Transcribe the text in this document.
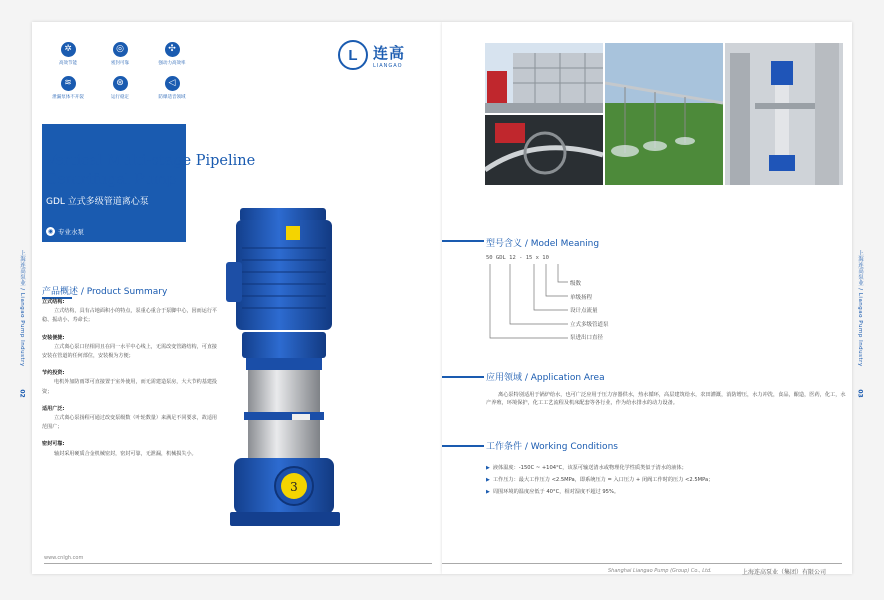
✲
高效节能
◎
密封可靠
✣
强动力高效率
≋
泄漏泵体不开裂
⊛
运行稳定
◁
防爆适音领域
L	连高
LIANGAO
Vertical Multi-stage Pipeline
Centrifugal Pump
GDL 立式多级管道离心泵
◉ 专业水泵
上海连高泵业 / Liangao Pump Industry
02
产品概述 / Product Summary
立式结构:
立式结构，具有占地面积小的特点，泵重心重合于泵脚中心，因而运行平稳、振动小、寿命长；
安装便捷:
立式离心泵口径相同且在同一水平中心线上，无需改变管路结构，可直接安装在管道的任何部位，安装极为方便；
节约投资:
电机外加防雨罩可直接置于室外使用，而无需建造泵房，大大节约基建投资；
适用广泛:
立式离心泵扬程可通过改变泵级数（叶轮数量）来满足不同要求，故适用范围广；
密封可靠:
轴封采用硬质合金机械密封，密封可靠，无泄漏，机械损失小。
3
www.cnlgh.com
上海连高泵业 / Liangao Pump Industry
03
型号含义 / Model Meaning
50 GDL 12 - 15 x 10
级数
单级扬程
设计点流量
立式多级管道泵
泵进出口直径
应用领域 / Application Area
离心泵特别适用于锅炉给水，也可广泛应用于压力容器供水，热水循环，高层建筑给水，农田灌溉，消防增压，水力冲洗，食品，酿造，医药，化工，水产养殖，环境保护，化工工艺流程及机床配套等各行业，作为给水排水的动力设备。
工作条件 / Working Conditions
▶ 液体温度：-150C ~ +104°C，该泵可输送清水或物理化学性质类似于清水的液体；
▶ 工作压力：最大工作压力 <2.5MPa，即系统压力 = 入口压力 + 闭阀工作时的压力 <2.5MPa；
▶ 周围环境的温度应低于 40°C，相对湿度不超过 95%。
Shanghai Liangao Pump (Group) Co., Ltd.	上海连高泵业（集团）有限公司
